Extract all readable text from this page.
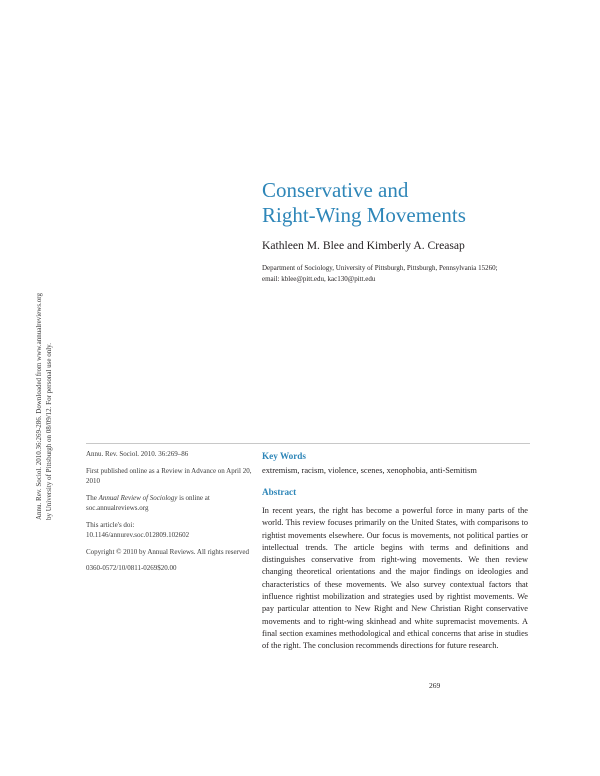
Annu. Rev. Sociol. 2010.36:269-286. Downloaded from www.annualreviews.org by University of Pittsburgh on 08/09/12. For personal use only.
Conservative and
Right-Wing Movements
Kathleen M. Blee and Kimberly A. Creasap
Department of Sociology, University of Pittsburgh, Pittsburgh, Pennsylvania 15260;
email: kblee@pitt.edu, kac130@pitt.edu
Annu. Rev. Sociol. 2010. 36:269–86
First published online as a Review in Advance on April 20, 2010
The Annual Review of Sociology is online at soc.annualreviews.org
This article's doi:
10.1146/annurev.soc.012809.102602
Copyright © 2010 by Annual Reviews. All rights reserved
0360-0572/10/0811-0269$20.00
Key Words
extremism, racism, violence, scenes, xenophobia, anti-Semitism
Abstract
In recent years, the right has become a powerful force in many parts of the world. This review focuses primarily on the United States, with comparisons to rightist movements elsewhere. Our focus is movements, not political parties or intellectual trends. The article begins with terms and definitions and distinguishes conservative from right-wing movements. We then review changing theoretical orientations and the major findings on ideologies and characteristics of these movements. We also survey contextual factors that influence rightist mobilization and strategies used by rightist movements. We pay particular attention to New Right and New Christian Right conservative movements and to right-wing skinhead and white supremacist movements. A final section examines methodological and ethical concerns that arise in studies of the right. The conclusion recommends directions for future research.
269
